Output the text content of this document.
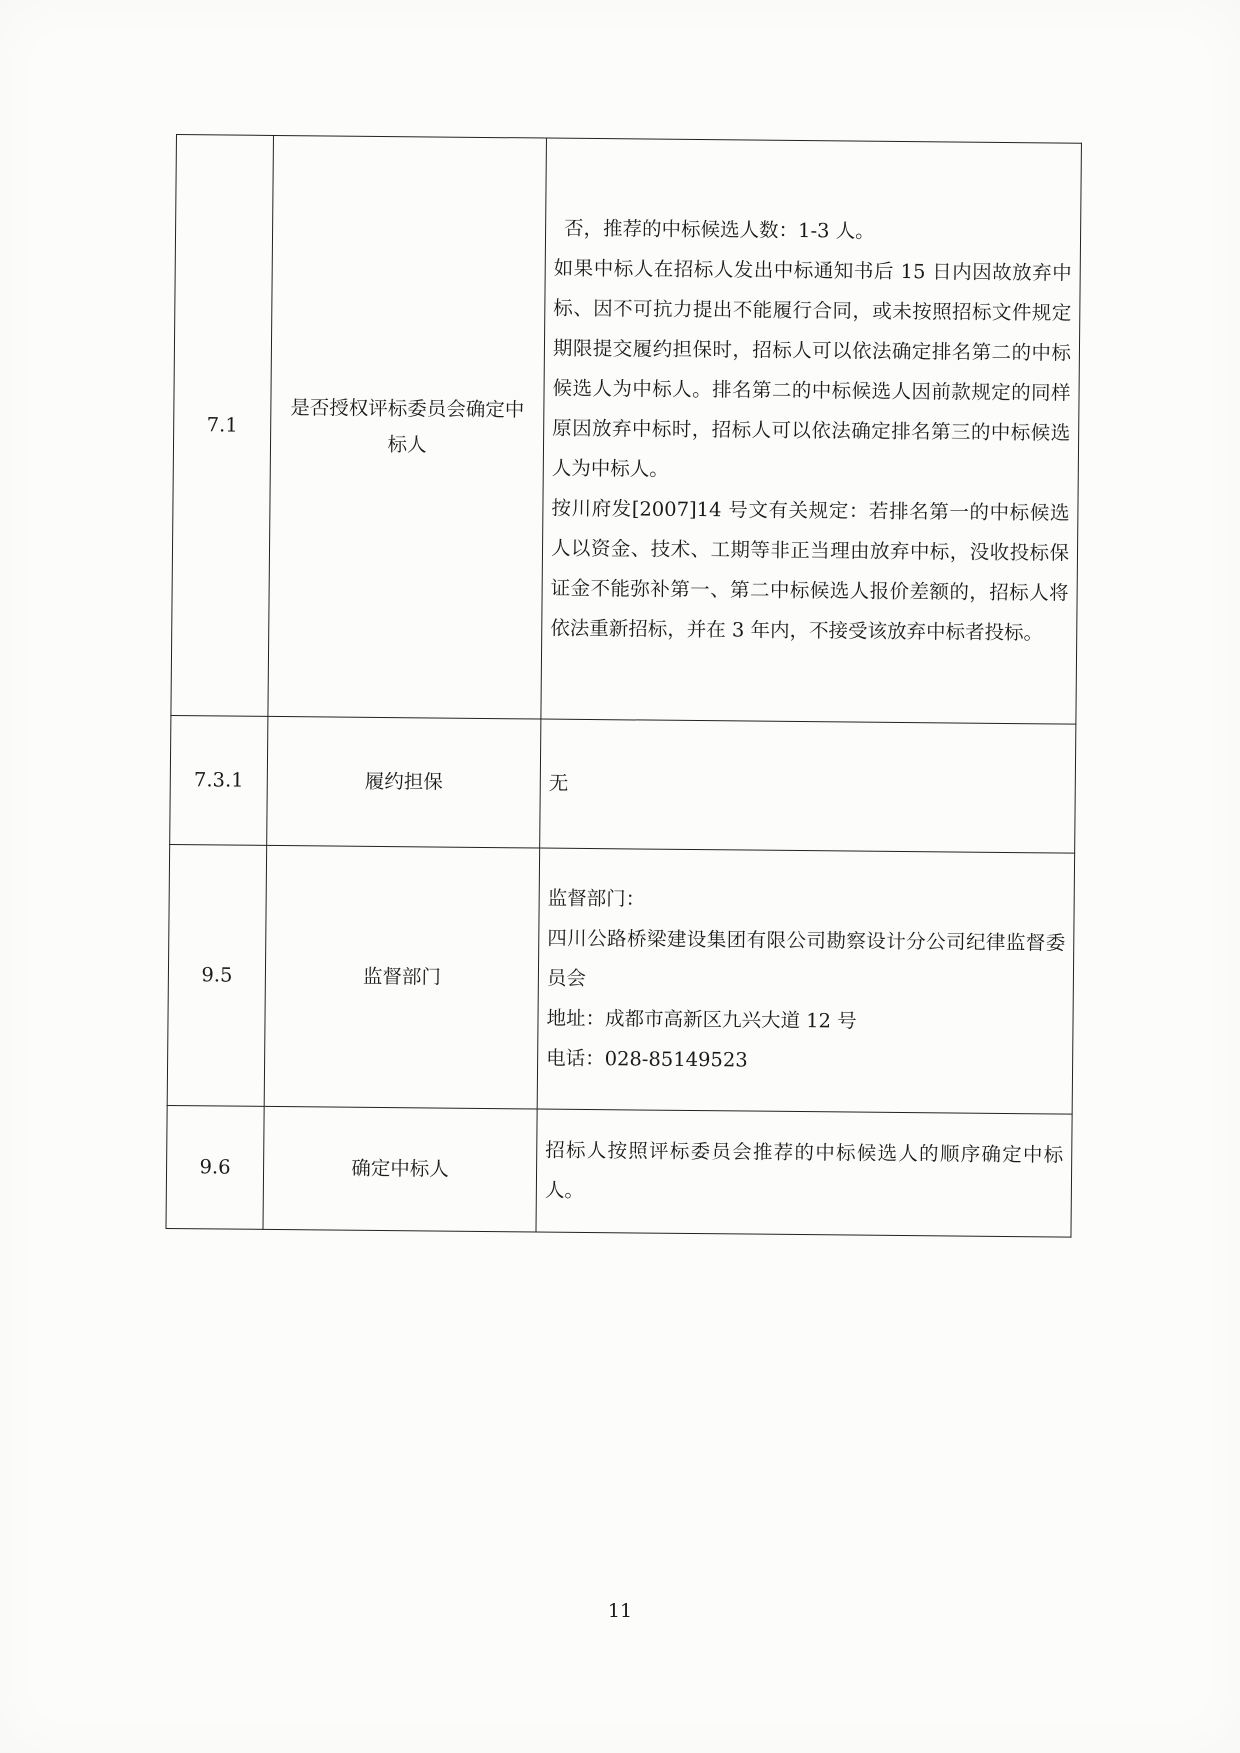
7.1	是否授权评标委员会确定中标人	否，推荐的中标候选人数：1-3 人。
如果中标人在招标人发出中标通知书后 15 日内因故放弃中标、因不可抗力提出不能履行合同，或未按照招标文件规定期限提交履约担保时，招标人可以依法确定排名第二的中标候选人为中标人。排名第二的中标候选人因前款规定的同样原因放弃中标时，招标人可以依法确定排名第三的中标候选人为中标人。
按川府发[2007]14 号文有关规定：若排名第一的中标候选人以资金、技术、工期等非正当理由放弃中标，没收投标保证金不能弥补第一、第二中标候选人报价差额的，招标人将依法重新招标，并在 3 年内，不接受该放弃中标者投标。

7.3.1	履约担保	无

9.5	监督部门	监督部门：
四川公路桥梁建设集团有限公司勘察设计分公司纪律监督委员会
地址：成都市高新区九兴大道 12 号
电话：028-85149523

9.6	确定中标人	招标人按照评标委员会推荐的中标候选人的顺序确定中标人。
11
